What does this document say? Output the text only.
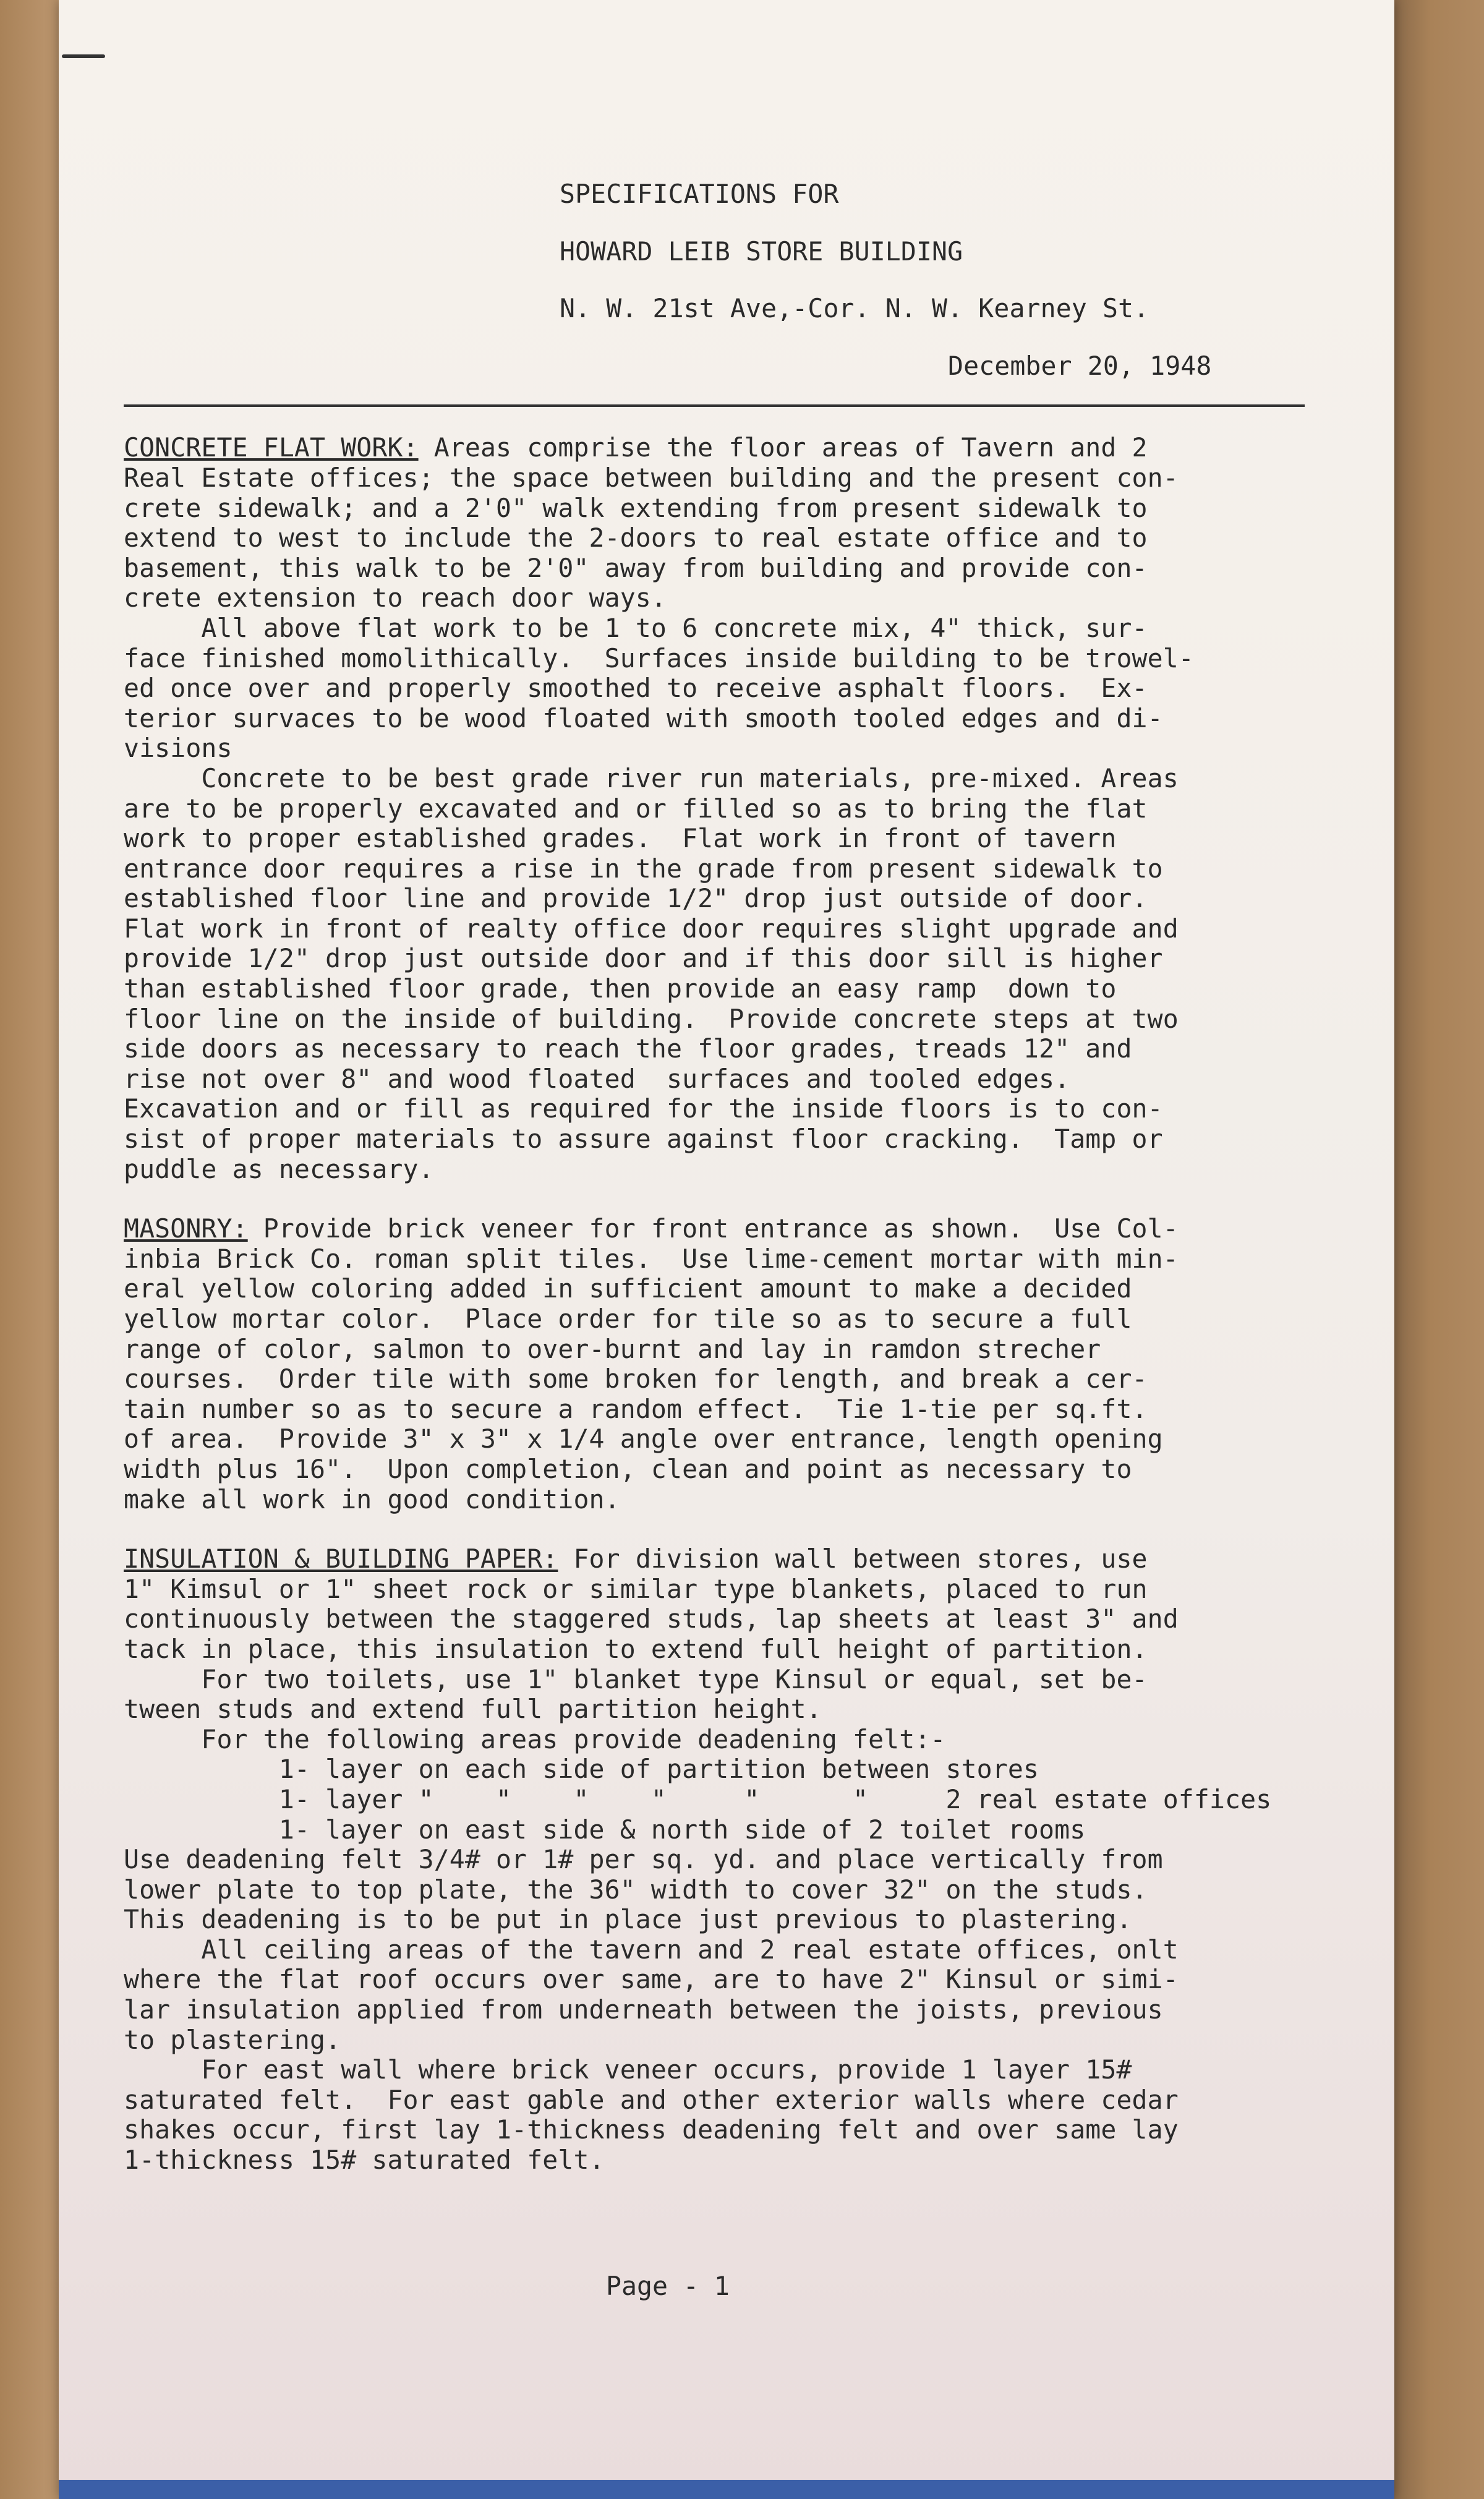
SPECIFICATIONS FOR
HOWARD LEIB STORE BUILDING
N. W. 21st Ave,-Cor. N. W. Kearney St.
December 20, 1948
CONCRETE FLAT WORK: Areas comprise the floor areas of Tavern and 2
Real Estate offices; the space between building and the present con-
crete sidewalk; and a 2'0" walk extending from present sidewalk to
extend to west to include the 2-doors to real estate office and to
basement, this walk to be 2'0" away from building and provide con-
crete extension to reach door ways.
All above flat work to be 1 to 6 concrete mix, 4" thick, sur-
face finished momolithically.  Surfaces inside building to be trowel-
ed once over and properly smoothed to receive asphalt floors.  Ex-
terior survaces to be wood floated with smooth tooled edges and di-
visions
Concrete to be best grade river run materials, pre-mixed. Areas
are to be properly excavated and or filled so as to bring the flat
work to proper established grades.  Flat work in front of tavern
entrance door requires a rise in the grade from present sidewalk to
established floor line and provide 1/2" drop just outside of door.
Flat work in front of realty office door requires slight upgrade and
provide 1/2" drop just outside door and if this door sill is higher
than established floor grade, then provide an easy ramp  down to
floor line on the inside of building.  Provide concrete steps at two
side doors as necessary to reach the floor grades, treads 12" and
rise not over 8" and wood floated  surfaces and tooled edges.
Excavation and or fill as required for the inside floors is to con-
sist of proper materials to assure against floor cracking.  Tamp or
puddle as necessary.
MASONRY: Provide brick veneer for front entrance as shown.  Use Col-
inbia Brick Co. roman split tiles.  Use lime-cement mortar with min-
eral yellow coloring added in sufficient amount to make a decided
yellow mortar color.  Place order for tile so as to secure a full
range of color, salmon to over-burnt and lay in ramdon strecher
courses.  Order tile with some broken for length, and break a cer-
tain number so as to secure a random effect.  Tie 1-tie per sq.ft.
of area.  Provide 3" x 3" x 1/4 angle over entrance, length opening
width plus 16".  Upon completion, clean and point as necessary to
make all work in good condition.
INSULATION & BUILDING PAPER: For division wall between stores, use
1" Kimsul or 1" sheet rock or similar type blankets, placed to run
continuously between the staggered studs, lap sheets at least 3" and
tack in place, this insulation to extend full height of partition.
For two toilets, use 1" blanket type Kinsul or equal, set be-
tween studs and extend full partition height.
For the following areas provide deadening felt:-
1- layer on each side of partition between stores
1- layer "    "    "    "     "      "     2 real estate offices
1- layer on east side & north side of 2 toilet rooms
Use deadening felt 3/4# or 1# per sq. yd. and place vertically from
lower plate to top plate, the 36" width to cover 32" on the studs.
This deadening is to be put in place just previous to plastering.
All ceiling areas of the tavern and 2 real estate offices, onlt
where the flat roof occurs over same, are to have 2" Kinsul or simi-
lar insulation applied from underneath between the joists, previous
to plastering.
For east wall where brick veneer occurs, provide 1 layer 15#
saturated felt.  For east gable and other exterior walls where cedar
shakes occur, first lay 1-thickness deadening felt and over same lay
1-thickness 15# saturated felt.
Page - 1
